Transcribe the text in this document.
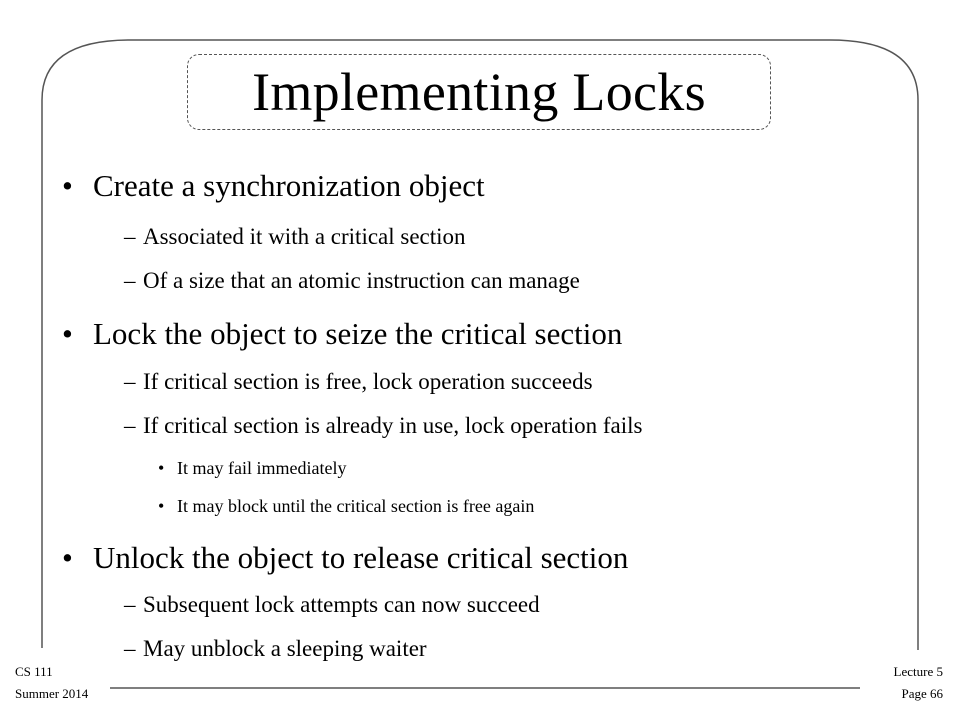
Implementing Locks
• Create a synchronization object
– Associated it with a critical section
– Of a size that an atomic instruction can manage
• Lock the object to seize the critical section
– If critical section is free, lock operation succeeds
– If critical section is already in use, lock operation fails
• It may fail immediately
• It may block until the critical section is free again
• Unlock the object to release critical section
– Subsequent lock attempts can now succeed
– May unblock a sleeping waiter
CS 111
Summer 2014
Lecture 5
Page 66
